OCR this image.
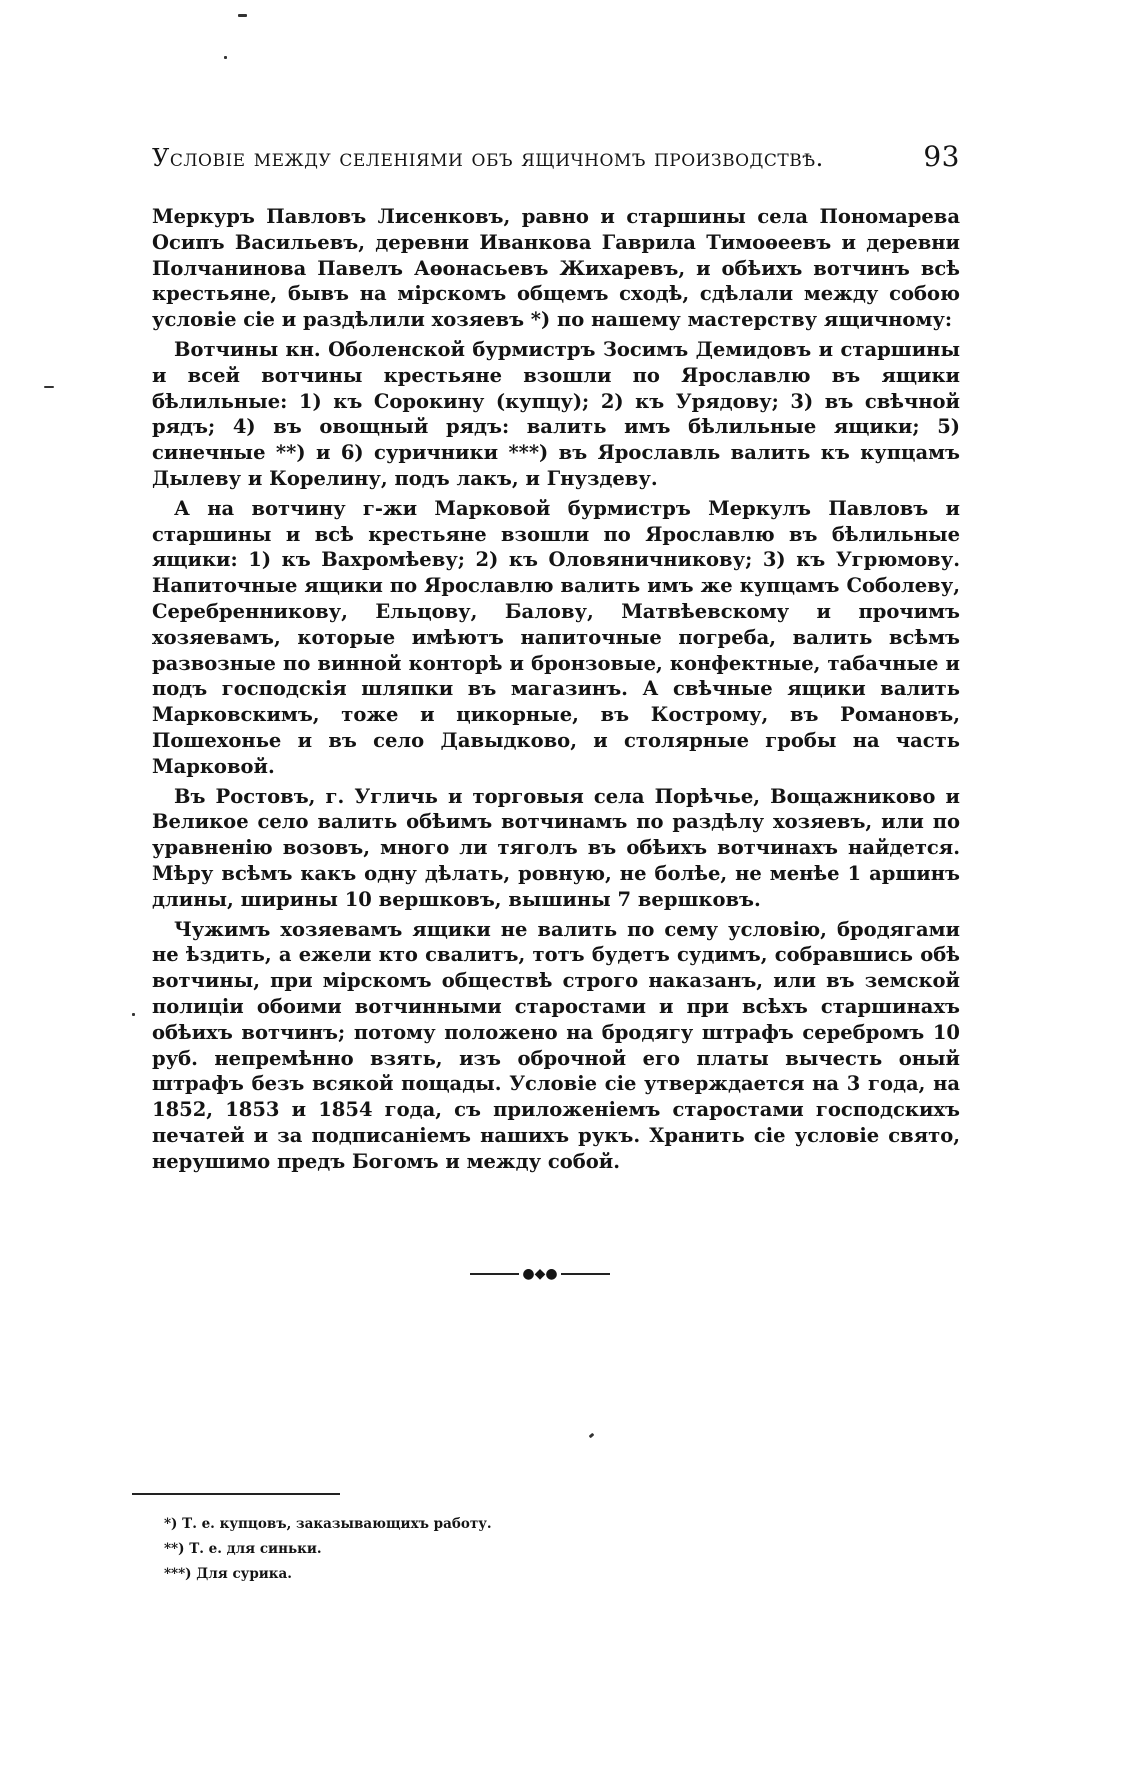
Условіе между селеніями объ ящичномъ производствѣ.	93

Меркуръ Павловъ Лисенковъ, равно и старшины села Пономарева Осипъ Васильевъ, деревни Иванкова Гаврила Тимоѳеевъ и деревни Полчанинова Павелъ Аѳонасьевъ Жихаревъ, и обѣихъ вотчинъ всѣ крестьяне, бывъ на мірскомъ общемъ сходѣ, сдѣлали между собою условіе сіе и раздѣлили хозяевъ *) по нашему мастерству ящичному:

Вотчины кн. Оболенской бурмистръ Зосимъ Демидовъ и старшины и всей вотчины крестьяне взошли по Ярославлю въ ящики бѣлильные: 1) къ Сорокину (купцу); 2) къ Урядову; 3) въ свѣчной рядъ; 4) въ овощный рядъ: валить имъ бѣлильные ящики; 5) синечные **) и 6) суричники ***) въ Ярославль валить къ купцамъ Дылеву и Корелину, подъ лакъ, и Гнуздеву.

А на вотчину г-жи Марковой бурмистръ Меркулъ Павловъ и старшины и всѣ крестьяне взошли по Ярославлю въ бѣлильные ящики: 1) къ Вахромѣеву; 2) къ Оловяничникову; 3) къ Угрюмову. Напиточные ящики по Ярославлю валить имъ же купцамъ Соболеву, Серебренникову, Ельцову, Балову, Матвѣевскому и прочимъ хозяевамъ, которые имѣютъ напиточные погреба, валить всѣмъ развозные по винной конторѣ и бронзовые, конфектные, табачные и подъ господскія шляпки въ магазинъ. А свѣчные ящики валить Марковскимъ, тоже и цикорные, въ Кострому, въ Романовъ, Пошехонье и въ село Давыдково, и столярные гробы на часть Марковой.

Въ Ростовъ, г. Угличь и торговыя села Порѣчье, Вощажниково и Великое село валить обѣимъ вотчинамъ по раздѣлу хозяевъ, или по уравненію возовъ, много ли тяголъ въ обѣихъ вотчинахъ найдется. Мѣру всѣмъ какъ одну дѣлать, ровную, не болѣе, не менѣе 1 аршинъ длины, ширины 10 вершковъ, вышины 7 вершковъ.

Чужимъ хозяевамъ ящики не валить по сему условію, бродягами не ѣздить, а ежели кто свалитъ, тотъ будетъ судимъ, собравшись обѣ вотчины, при мірскомъ обществѣ строго наказанъ, или въ земской полиціи обоими вотчинными старостами и при всѣхъ старшинахъ обѣихъ вотчинъ; потому положено на бродягу штрафъ серебромъ 10 руб. непремѣнно взять, изъ оброчной его платы вычесть оный штрафъ безъ всякой пощады. Условіе сіе утверждается на 3 года, на 1852, 1853 и 1854 года, съ приложеніемъ старостами господскихъ печатей и за подписаніемъ нашихъ рукъ. Хранить сіе условіе свято, нерушимо предъ Богомъ и между собой.

●◆●
*) Т. е. купцовъ, заказывающихъ работу.
**) Т. е. для синьки.
***) Для сурика.
